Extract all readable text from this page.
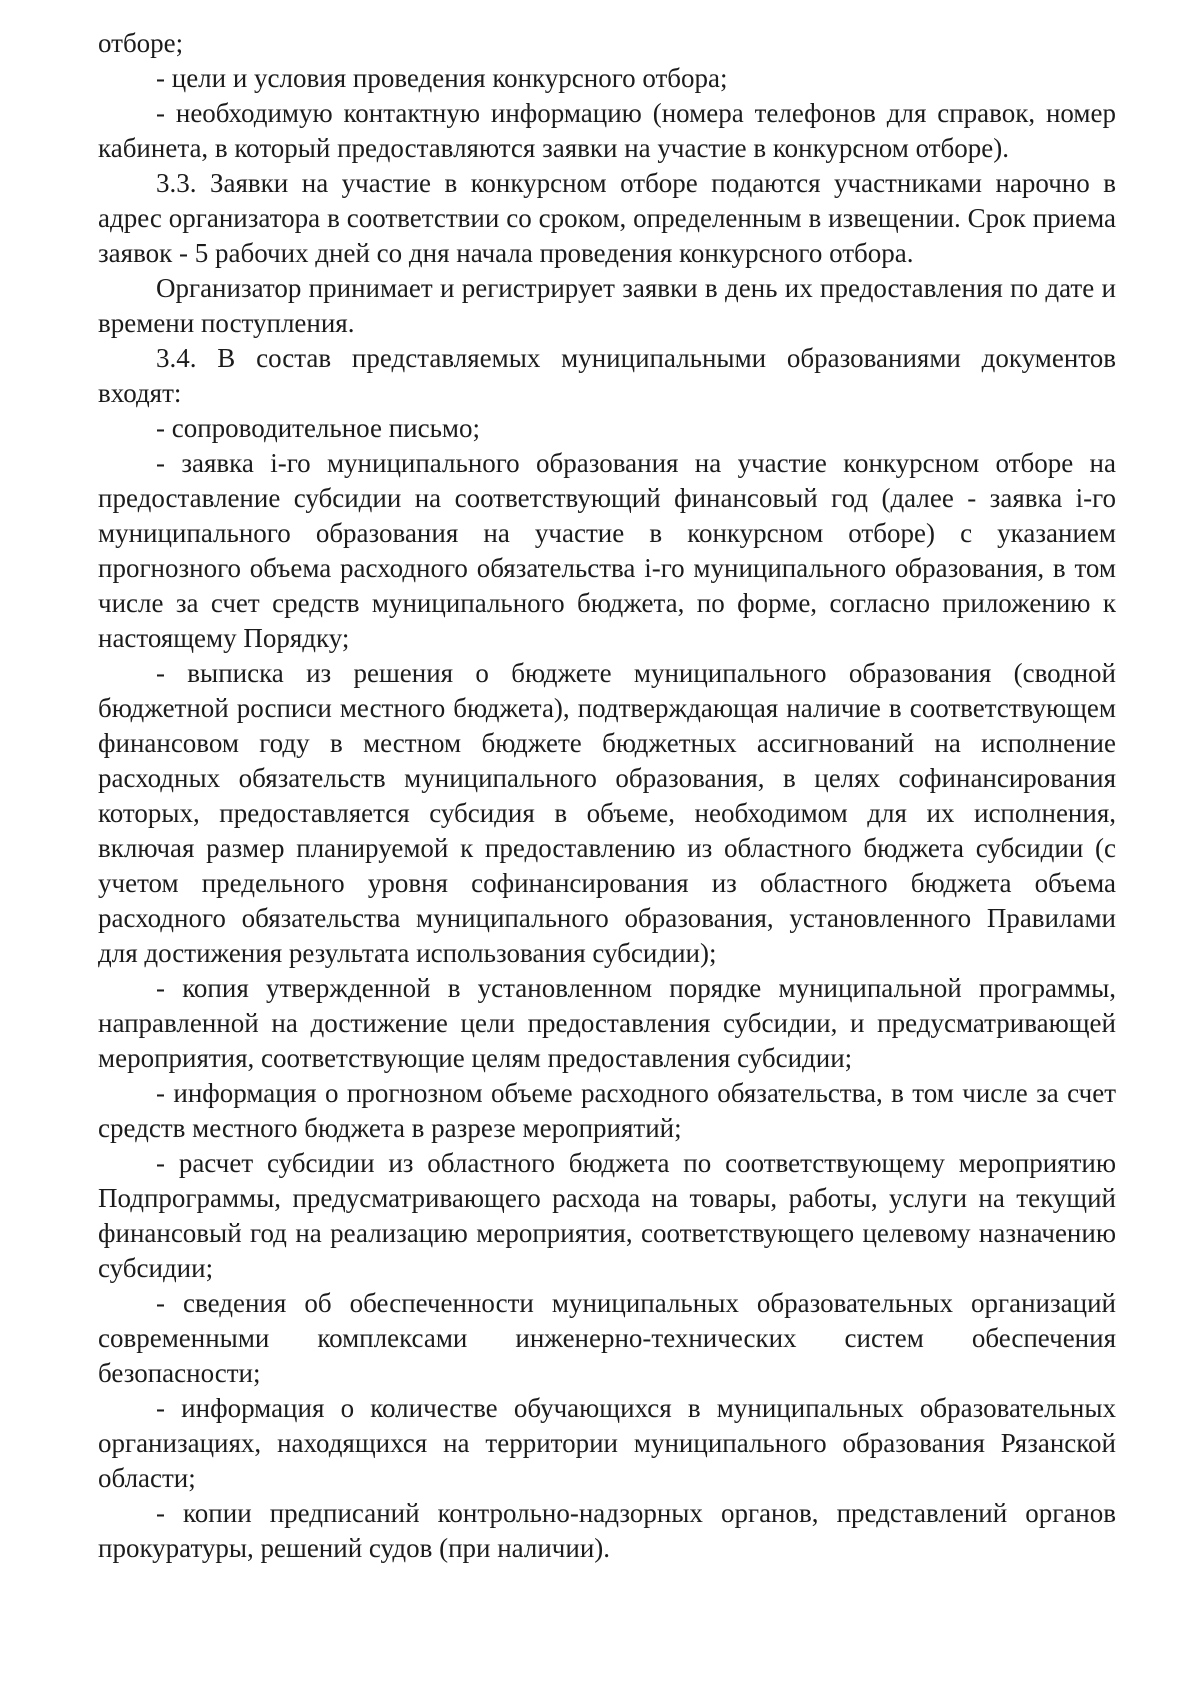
отборе;

- цели и условия проведения конкурсного отбора;

- необходимую контактную информацию (номера телефонов для справок, номер кабинета, в который предоставляются заявки на участие в конкурсном отборе).

3.3. Заявки на участие в конкурсном отборе подаются участниками нарочно в адрес организатора в соответствии со сроком, определенным в извещении. Срок приема заявок - 5 рабочих дней со дня начала проведения конкурсного отбора.

Организатор принимает и регистрирует заявки в день их предоставления по дате и времени поступления.

3.4. В состав представляемых муниципальными образованиями документов входят:

- сопроводительное письмо;

- заявка i-го муниципального образования на участие конкурсном отборе на предоставление субсидии на соответствующий финансовый год (далее - заявка i-го муниципального образования на участие в конкурсном отборе) с указанием прогнозного объема расходного обязательства i-го муниципального образования, в том числе за счет средств муниципального бюджета, по форме, согласно приложению к настоящему Порядку;

- выписка из решения о бюджете муниципального образования (сводной бюджетной росписи местного бюджета), подтверждающая наличие в соответствующем финансовом году в местном бюджете бюджетных ассигнований на исполнение расходных обязательств муниципального образования, в целях софинансирования которых, предоставляется субсидия в объеме, необходимом для их исполнения, включая размер планируемой к предоставлению из областного бюджета субсидии (с учетом предельного уровня софинансирования из областного бюджета объема расходного обязательства муниципального образования, установленного Правилами для достижения результата использования субсидии);

- копия утвержденной в установленном порядке муниципальной программы, направленной на достижение цели предоставления субсидии, и предусматривающей мероприятия, соответствующие целям предоставления субсидии;

- информация о прогнозном объеме расходного обязательства, в том числе за счет средств местного бюджета в разрезе мероприятий;

- расчет субсидии из областного бюджета по соответствующему мероприятию Подпрограммы, предусматривающего расхода на товары, работы, услуги на текущий финансовый год на реализацию мероприятия, соответствующего целевому назначению субсидии;

- сведения об обеспеченности муниципальных образовательных организаций современными комплексами инженерно-технических систем обеспечения безопасности;

- информация о количестве обучающихся в муниципальных образовательных организациях, находящихся на территории муниципального образования Рязанской области;

- копии предписаний контрольно-надзорных органов, представлений органов прокуратуры, решений судов (при наличии).
